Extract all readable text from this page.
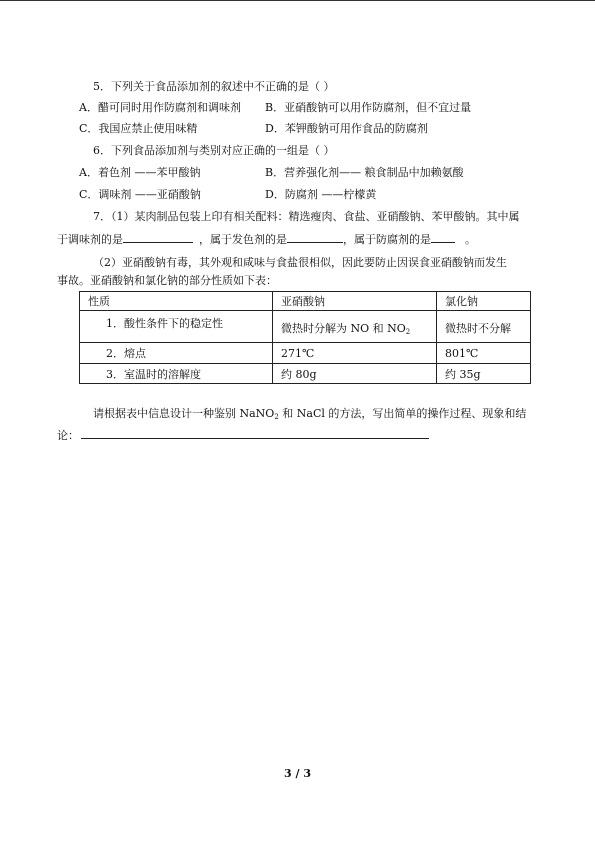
5．下列关于食品添加剂的叙述中不正确的是（ ）
A．醋可同时用作防腐剂和调味剂 B．亚硝酸钠可以用作防腐剂，但不宜过量
C．我国应禁止使用味精	D．苯钾酸钠可用作食品的防腐剂
6．下列食品添加剂与类别对应正确的一组是（ ）
A．着色剂 ——苯甲酸钠	B．营养强化剂—— 粮食制品中加赖氨酸
C．调味剂 ——亚硝酸钠	D．防腐剂 ——柠檬黄
7．（1）某肉制品包装上印有相关配料：精选瘦肉、食盐、亚硝酸钠、苯甲酸钠。其中属
于调味剂的是	，属于发色剂的是	，属于防腐剂的是	。
（2）亚硝酸钠有毒，其外观和咸味与食盐很相似，因此要防止因误食亚硝酸钠而发生
事故。亚硝酸钠和氯化钠的部分性质如下表：
性质	亚硝酸钠	氯化钠
1．酸性条件下的稳定性	微热时分解为 NO 和 $NO_2$	微热时不分解
2．熔点	271℃	801℃
3．室温时的溶解度	约 80g	约 35g
请根据表中信息设计一种鉴别 NaNO$_2$ 和 NaCl 的方法，写出简单的操作过程、现象和结
论：
3 / 3
